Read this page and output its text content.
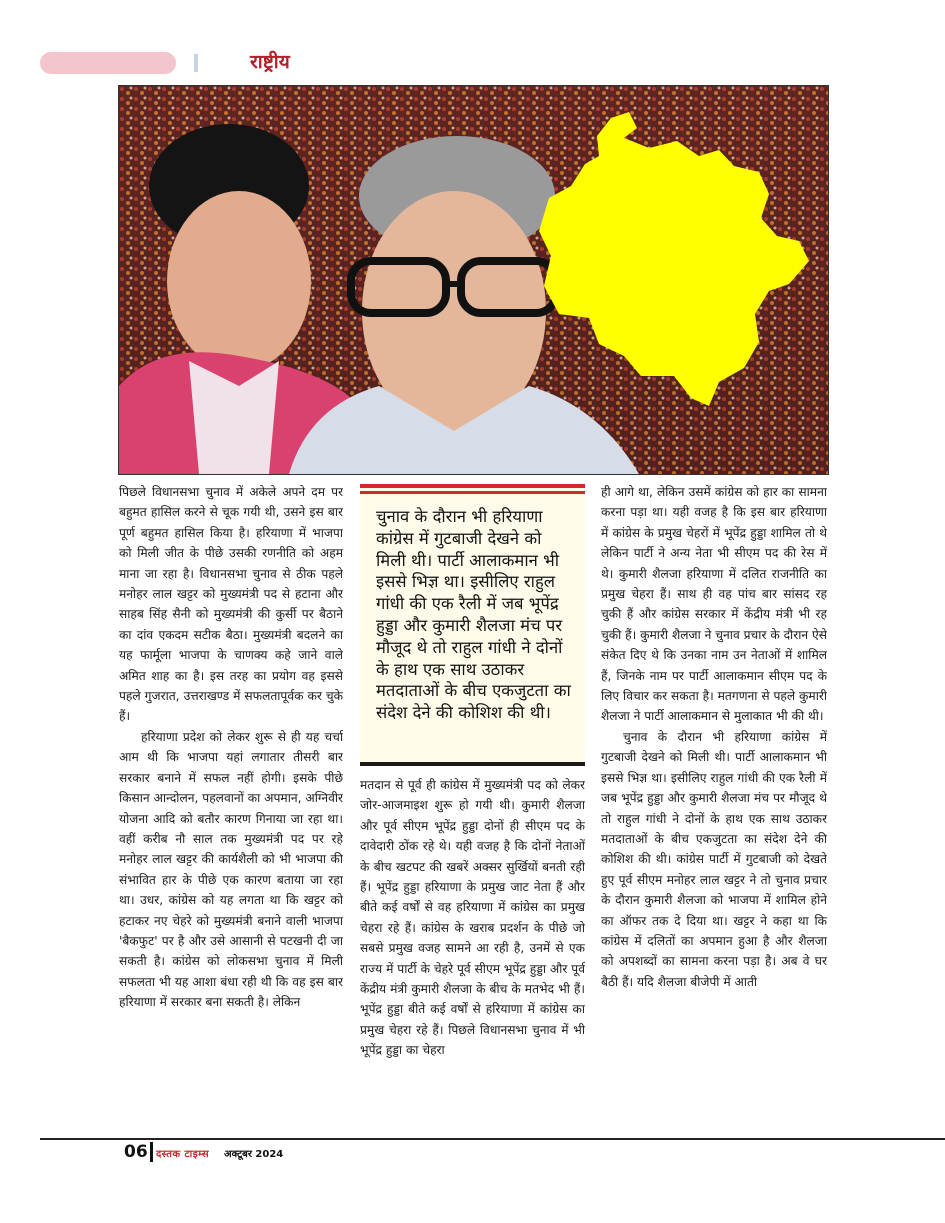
राष्ट्रीय

पिछले विधानसभा चुनाव में अकेले अपने दम पर बहुमत हासिल करने से चूक गयी थी, उसने इस बार पूर्ण बहुमत हासिल किया है। हरियाणा में भाजपा को मिली जीत के पीछे उसकी रणनीति को अहम माना जा रहा है। विधानसभा चुनाव से ठीक पहले मनोहर लाल खट्टर को मुख्यमंत्री पद से हटाना और साहब सिंह सैनी को मुख्यमंत्री की कुर्सी पर बैठाने का दांव एकदम सटीक बैठा। मुख्यमंत्री बदलने का यह फार्मूला भाजपा के चाणक्य कहे जाने वाले अमित शाह का है। इस तरह का प्रयोग वह इससे पहले गुजरात, उत्तराखण्ड में सफलतापूर्वक कर चुके हैं।

हरियाणा प्रदेश को लेकर शुरू से ही यह चर्चा आम थी कि भाजपा यहां लगातार तीसरी बार सरकार बनाने में सफल नहीं होगी। इसके पीछे किसान आन्दोलन, पहलवानों का अपमान, अग्निवीर योजना आदि को बतौर कारण गिनाया जा रहा था। वहीं करीब नौ साल तक मुख्यमंत्री पद पर रहे मनोहर लाल खट्टर की कार्यशैली को भी भाजपा की संभावित हार के पीछे एक कारण बताया जा रहा था। उधर, कांग्रेस को यह लगता था कि खट्टर को हटाकर नए चेहरे को मुख्यमंत्री बनाने वाली भाजपा 'बैकफुट' पर है और उसे आसानी से पटखनी दी जा सकती है। कांग्रेस को लोकसभा चुनाव में मिली सफलता भी यह आशा बंधा रही थी कि वह इस बार हरियाणा में सरकार बना सकती है। लेकिन

चुनाव के दौरान भी हरियाणा कांग्रेस में गुटबाजी देखने को मिली थी। पार्टी आलाकमान भी इससे भिज्ञ था। इसीलिए राहुल गांधी की एक रैली में जब भूपेंद्र हुड्डा और कुमारी शैलजा मंच पर मौजूद थे तो राहुल गांधी ने दोनों के हाथ एक साथ उठाकर मतदाताओं के बीच एकजुटता का संदेश देने की कोशिश की थी।

मतदान से पूर्व ही कांग्रेस में मुख्यमंत्री पद को लेकर जोर-आजमाइश शुरू हो गयी थी। कुमारी शैलजा और पूर्व सीएम भूपेंद्र हुड्डा दोनों ही सीएम पद के दावेदारी ठोंक रहे थे। यही वजह है कि दोनों नेताओं के बीच खटपट की खबरें अक्सर सुर्खियों बनती रही हैं। भूपेंद्र हुड्डा हरियाणा के प्रमुख जाट नेता हैं और बीते कई वर्षों से वह हरियाणा में कांग्रेस का प्रमुख चेहरा रहे हैं। कांग्रेस के खराब प्रदर्शन के पीछे जो सबसे प्रमुख वजह सामने आ रही है, उनमें से एक राज्य में पार्टी के चेहरे पूर्व सीएम भूपेंद्र हुड्डा और पूर्व केंद्रीय मंत्री कुमारी शैलजा के बीच के मतभेद भी हैं। भूपेंद्र हुड्डा बीते कई वर्षों से हरियाणा में कांग्रेस का प्रमुख चेहरा रहे हैं। पिछले विधानसभा चुनाव में भी भूपेंद्र हुड्डा का चेहरा

ही आगे था, लेकिन उसमें कांग्रेस को हार का सामना करना पड़ा था। यही वजह है कि इस बार हरियाणा में कांग्रेस के प्रमुख चेहरों में भूपेंद्र हुड्डा शामिल तो थे लेकिन पार्टी ने अन्य नेता भी सीएम पद की रेस में थे। कुमारी शैलजा हरियाणा में दलित राजनीति का प्रमुख चेहरा हैं। साथ ही वह पांच बार सांसद रह चुकी हैं और कांग्रेस सरकार में केंद्रीय मंत्री भी रह चुकी हैं। कुमारी शैलजा ने चुनाव प्रचार के दौरान ऐसे संकेत दिए थे कि उनका नाम उन नेताओं में शामिल हैं, जिनके नाम पर पार्टी आलाकमान सीएम पद के लिए विचार कर सकता है। मतगणना से पहले कुमारी शैलजा ने पार्टी आलाकमान से मुलाकात भी की थी।

चुनाव के दौरान भी हरियाणा कांग्रेस में गुटबाजी देखने को मिली थी। पार्टी आलाकमान भी इससे भिज्ञ था। इसीलिए राहुल गांधी की एक रैली में जब भूपेंद्र हुड्डा और कुमारी शैलजा मंच पर मौजूद थे तो राहुल गांधी ने दोनों के हाथ एक साथ उठाकर मतदाताओं के बीच एकजुटता का संदेश देने की कोशिश की थी। कांग्रेस पार्टी में गुटबाजी को देखते हुए पूर्व सीएम मनोहर लाल खट्टर ने तो चुनाव प्रचार के दौरान कुमारी शैलजा को भाजपा में शामिल होने का ऑफर तक दे दिया था। खट्टर ने कहा था कि कांग्रेस में दलितों का अपमान हुआ है और शैलजा को अपशब्दों का सामना करना पड़ा है। अब वे घर बैठी हैं। यदि शैलजा बीजेपी में आती

06 दस्तक टाइम्स अक्टूबर 2024
